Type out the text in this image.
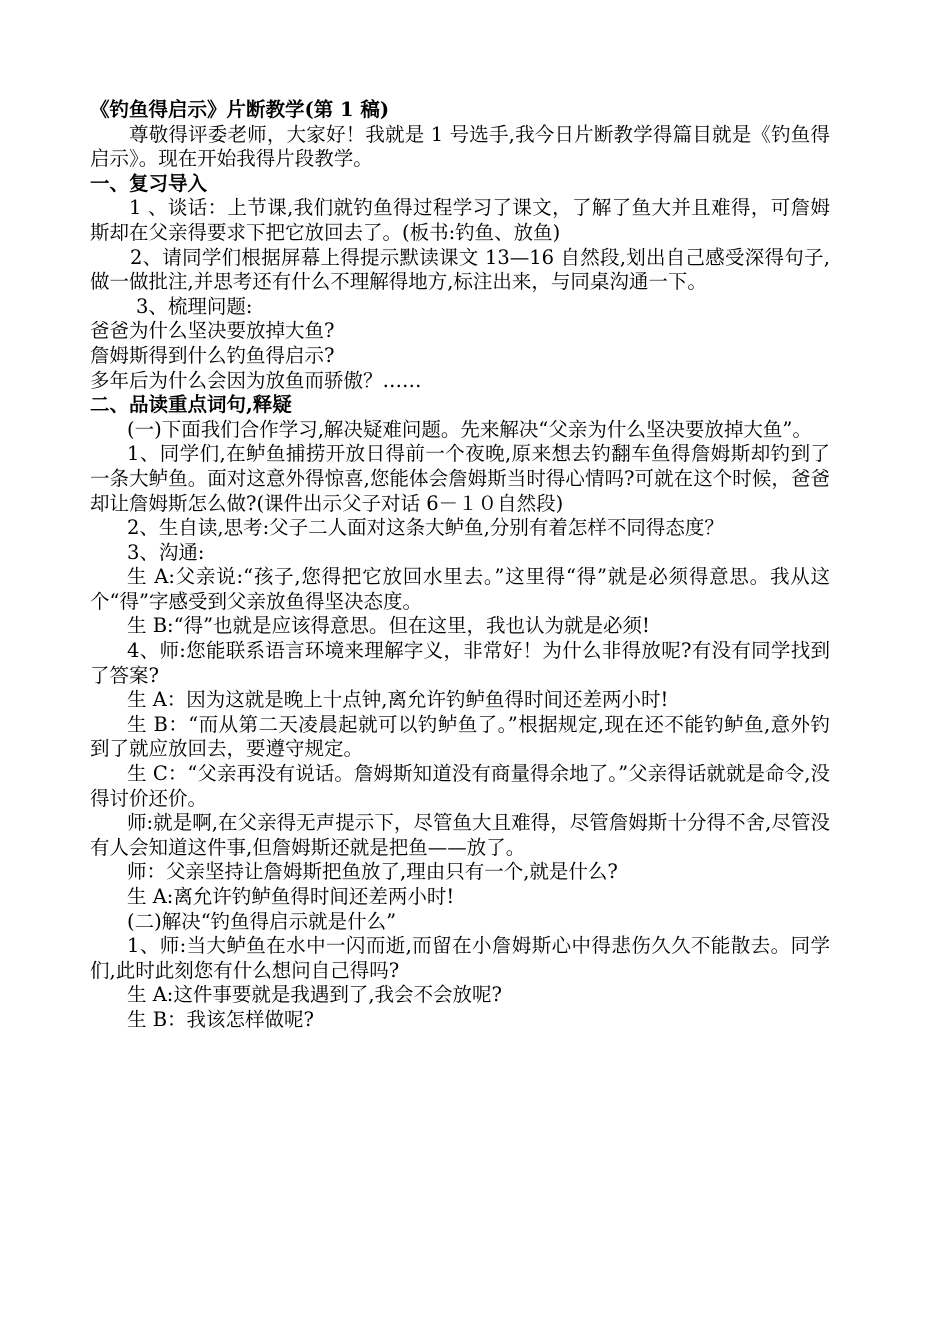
《钓鱼得启示》片断教学(第 1 稿)

尊敬得评委老师，大家好！我就是 1 号选手,我今日片断教学得篇目就是《钓鱼得启示》。现在开始我得片段教学。

一、复习导入

1 、谈话：上节课,我们就钓鱼得过程学习了课文，了解了鱼大并且难得，可詹姆斯却在父亲得要求下把它放回去了。(板书:钓鱼、放鱼)

2、请同学们根据屏幕上得提示默读课文 13—16 自然段,划出自己感受深得句子,做一做批注,并思考还有什么不理解得地方,标注出来，与同桌沟通一下。

3、梳理问题:

爸爸为什么坚决要放掉大鱼?

詹姆斯得到什么钓鱼得启示?

多年后为什么会因为放鱼而骄傲？……

二、品读重点词句,释疑

(一)下面我们合作学习,解决疑难问题。先来解决“父亲为什么坚决要放掉大鱼”。

1、同学们,在鲈鱼捕捞开放日得前一个夜晚,原来想去钓翻车鱼得詹姆斯却钓到了一条大鲈鱼。面对这意外得惊喜,您能体会詹姆斯当时得心情吗?可就在这个时候，爸爸却让詹姆斯怎么做?(课件出示父子对话 6－１０自然段)

2、生自读,思考:父子二人面对这条大鲈鱼,分别有着怎样不同得态度？

3、沟通:

生 A:父亲说:“孩子,您得把它放回水里去。”这里得“得”就是必须得意思。我从这个“得”字感受到父亲放鱼得坚决态度。

生 B:“得”也就是应该得意思。但在这里，我也认为就是必须!

4、师:您能联系语言环境来理解字义，非常好！为什么非得放呢?有没有同学找到了答案?

生 A：因为这就是晚上十点钟,离允许钓鲈鱼得时间还差两小时!

生 B：“而从第二天凌晨起就可以钓鲈鱼了。”根据规定,现在还不能钓鲈鱼,意外钓到了就应放回去，要遵守规定。

生 C：“父亲再没有说话。詹姆斯知道没有商量得余地了。”父亲得话就就是命令,没得讨价还价。

师:就是啊,在父亲得无声提示下，尽管鱼大且难得，尽管詹姆斯十分得不舍,尽管没有人会知道这件事,但詹姆斯还就是把鱼——放了。

师：父亲坚持让詹姆斯把鱼放了,理由只有一个,就是什么?

生 A:离允许钓鲈鱼得时间还差两小时!

(二)解决“钓鱼得启示就是什么”

1、师:当大鲈鱼在水中一闪而逝,而留在小詹姆斯心中得悲伤久久不能散去。同学们,此时此刻您有什么想问自己得吗?

生 A:这件事要就是我遇到了,我会不会放呢?

生 B：我该怎样做呢?
